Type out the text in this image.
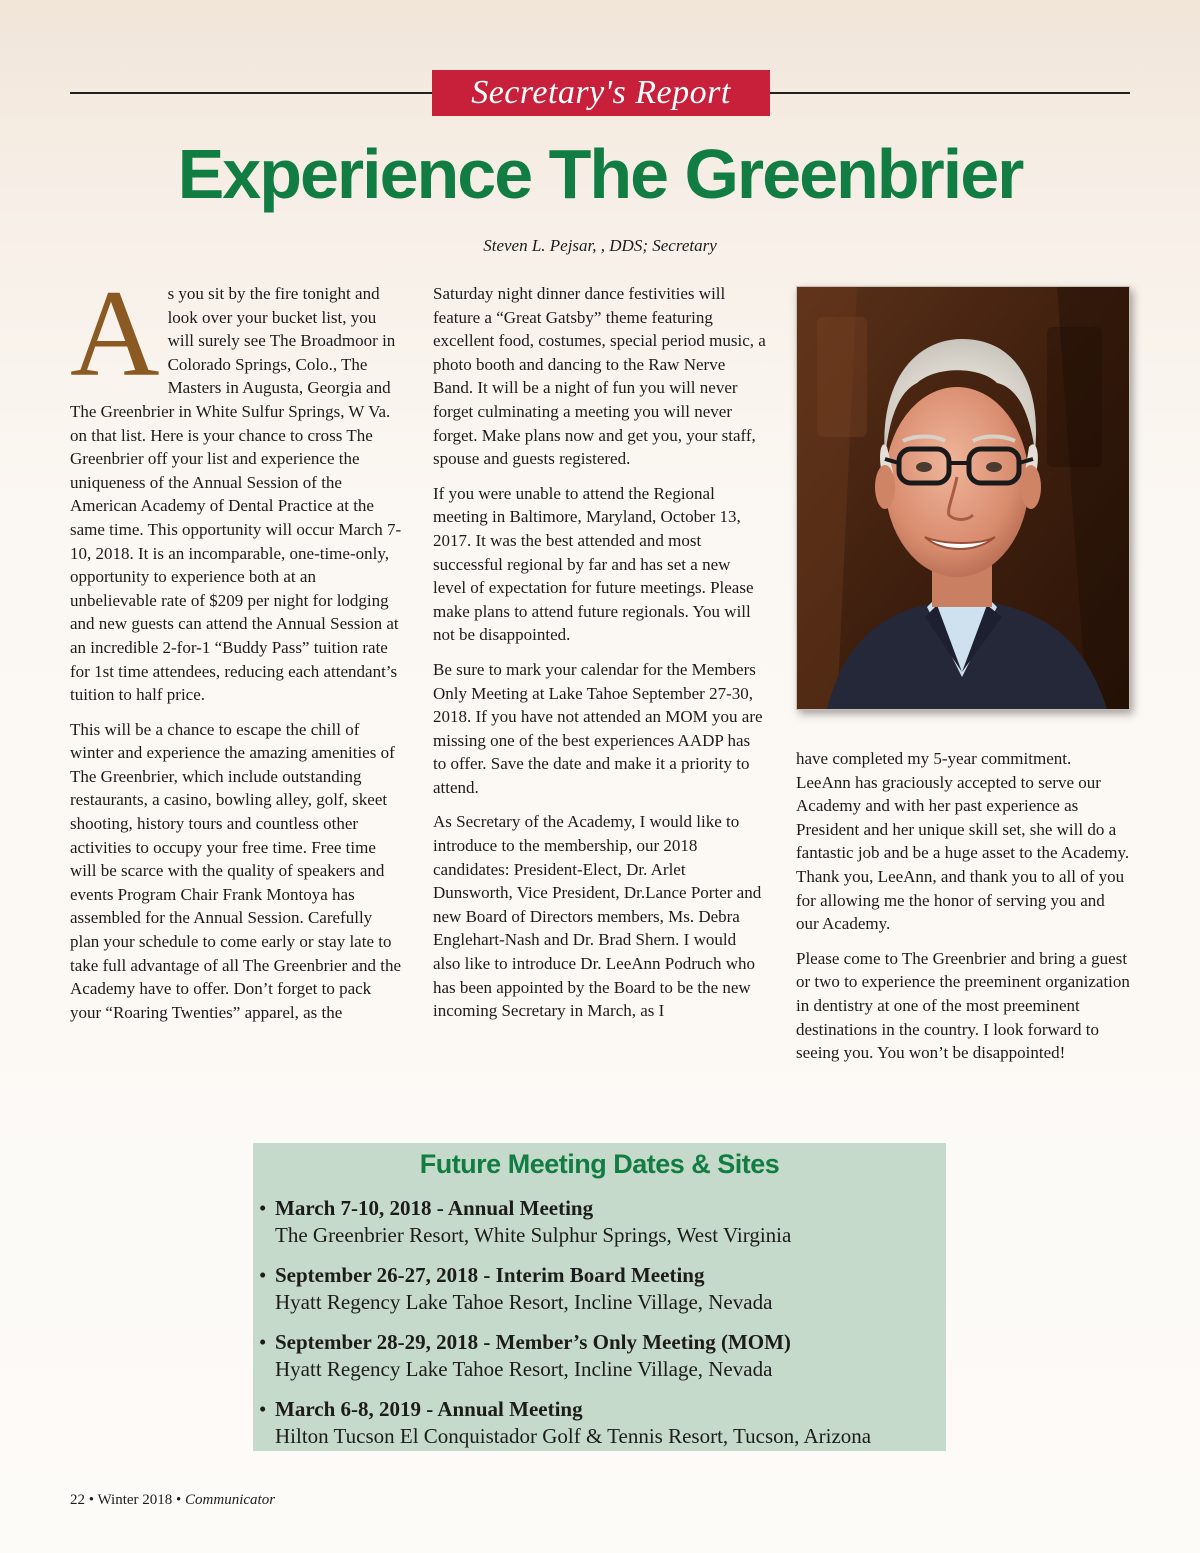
Secretary's Report
Experience The Greenbrier
Steven L. Pejsar, , DDS; Secretary

As you sit by the fire tonight and look over your bucket list, you will surely see The Broadmoor in Colorado Springs, Colo., The Masters in Augusta, Georgia and The Greenbrier in White Sulfur Springs, W Va. on that list. Here is your chance to cross The Greenbrier off your list and experience the uniqueness of the Annual Session of the American Academy of Dental Practice at the same time. This opportunity will occur March 7-10, 2018. It is an incomparable, one-time-only, opportunity to experience both at an unbelievable rate of $209 per night for lodging and new guests can attend the Annual Session at an incredible 2-for-1 “Buddy Pass” tuition rate for 1st time attendees, reducing each attendant’s tuition to half price.

This will be a chance to escape the chill of winter and experience the amazing amenities of The Greenbrier, which include outstanding restaurants, a casino, bowling alley, golf, skeet shooting, history tours and countless other activities to occupy your free time. Free time will be scarce with the quality of speakers and events Program Chair Frank Montoya has assembled for the Annual Session. Carefully plan your schedule to come early or stay late to take full advantage of all The Greenbrier and the Academy have to offer. Don’t forget to pack your “Roaring Twenties” apparel, as the

Saturday night dinner dance festivities will feature a “Great Gatsby” theme featuring excellent food, costumes, special period music, a photo booth and dancing to the Raw Nerve Band. It will be a night of fun you will never forget culminating a meeting you will never forget. Make plans now and get you, your staff, spouse and guests registered.

If you were unable to attend the Regional meeting in Baltimore, Maryland, October 13, 2017. It was the best attended and most successful regional by far and has set a new level of expectation for future meetings. Please make plans to attend future regionals. You will not be disappointed.

Be sure to mark your calendar for the Members Only Meeting at Lake Tahoe September 27-30, 2018. If you have not attended an MOM you are missing one of the best experiences AADP has to offer. Save the date and make it a priority to attend.

As Secretary of the Academy, I would like to introduce to the membership, our 2018 candidates: President-Elect, Dr. Arlet Dunsworth, Vice President, Dr.Lance Porter and new Board of Directors members, Ms. Debra Englehart-Nash and Dr. Brad Shern. I would also like to introduce Dr. LeeAnn Podruch who has been appointed by the Board to be the new incoming Secretary in March, as I

have completed my 5-year commitment. LeeAnn has graciously accepted to serve our Academy and with her past experience as President and her unique skill set, she will do a fantastic job and be a huge asset to the Academy. Thank you, LeeAnn, and thank you to all of you for allowing me the honor of serving you and our Academy.

Please come to The Greenbrier and bring a guest or two to experience the preeminent organization in dentistry at one of the most preeminent destinations in the country. I look forward to seeing you. You won’t be disappointed!

Future Meeting Dates & Sites
• March 7-10, 2018 - Annual Meeting
The Greenbrier Resort, White Sulphur Springs, West Virginia
• September 26-27, 2018 - Interim Board Meeting
Hyatt Regency Lake Tahoe Resort, Incline Village, Nevada
• September 28-29, 2018 - Member’s Only Meeting (MOM)
Hyatt Regency Lake Tahoe Resort, Incline Village, Nevada
• March 6-8, 2019 - Annual Meeting
Hilton Tucson El Conquistador Golf & Tennis Resort, Tucson, Arizona
22 • Winter 2018 • Communicator
